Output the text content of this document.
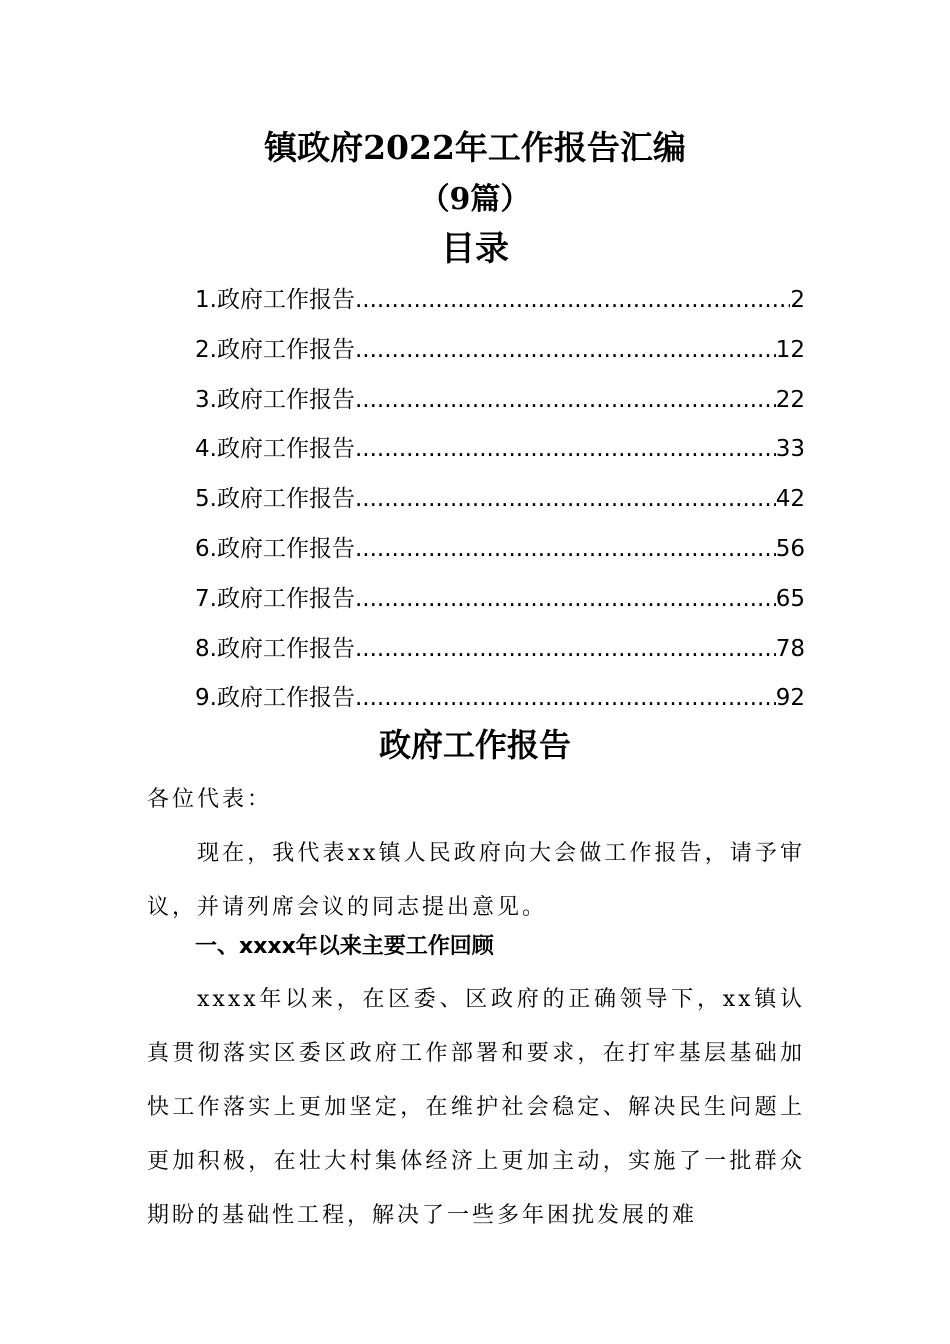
镇政府2022年工作报告汇编
（9篇）
目录
1.政府工作报告 .....	2
2.政府工作报告 .....	12
3.政府工作报告 .....	22
4.政府工作报告 .....	33
5.政府工作报告 .....	42
6.政府工作报告 .....	56
7.政府工作报告 .....	65
8.政府工作报告 .....	78
9.政府工作报告 .....	92
政府工作报告

各位代表：

现在，我代表xx镇人民政府向大会做工作报告，请予审议，并请列席会议的同志提出意见。

一、xxxx年以来主要工作回顾

xxxx年以来，在区委、区政府的正确领导下，xx镇认真贯彻落实区委区政府工作部署和要求，在打牢基层基础加快工作落实上更加坚定，在维护社会稳定、解决民生问题上更加积极，在壮大村集体经济上更加主动，实施了一批群众期盼的基础性工程，解决了一些多年困扰发展的难
